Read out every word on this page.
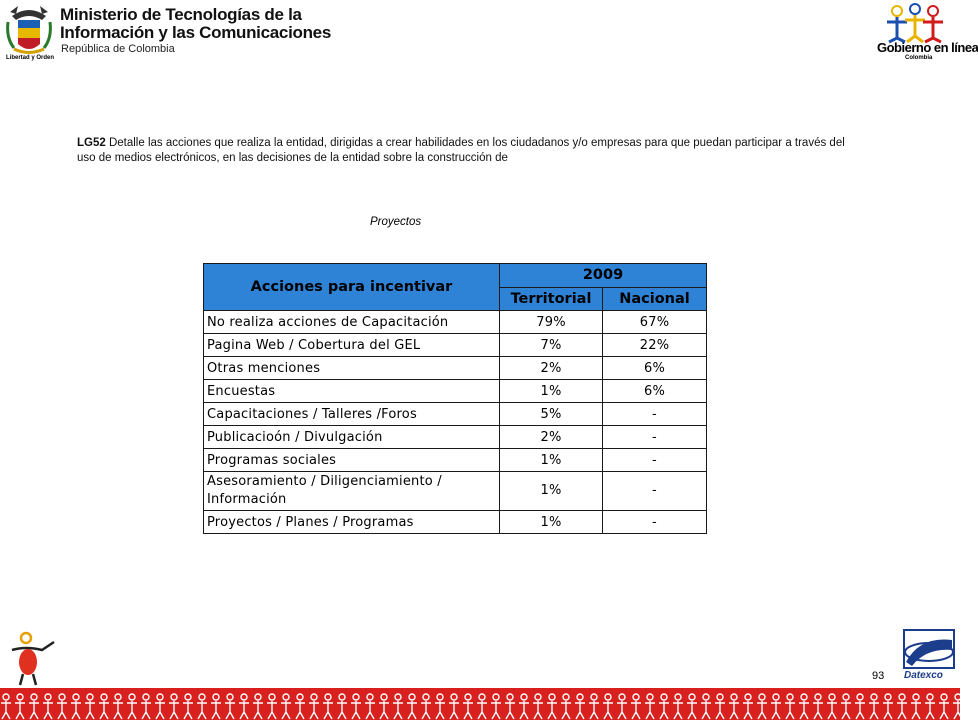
Libertad y Orden
Ministerio de Tecnologías de la
Información y las Comunicaciones
República de Colombia	Gobierno en línea
Colombia
LG52 Detalle las acciones que realiza la entidad, dirigidas a crear habilidades en los ciudadanos y/o empresas para que puedan participar a través del uso de medios electrónicos, en las decisiones de la entidad sobre la construcción de
Proyectos
Acciones para incentivar	2009	
	Territorial	Nacional
No realiza acciones de Capacitación	79%	67%
Pagina Web / Cobertura del GEL	7%	22%
Otras menciones	2%	6%
Encuestas	1%	6%
Capacitaciones / Talleres /Foros	5%	-
Publicacioón / Divulgación	2%	-
Programas sociales	1%	-
Asesoramiento / Diligenciamiento / Información	1%	-
Proyectos / Planes / Programas	1%	-
93 Datexco
